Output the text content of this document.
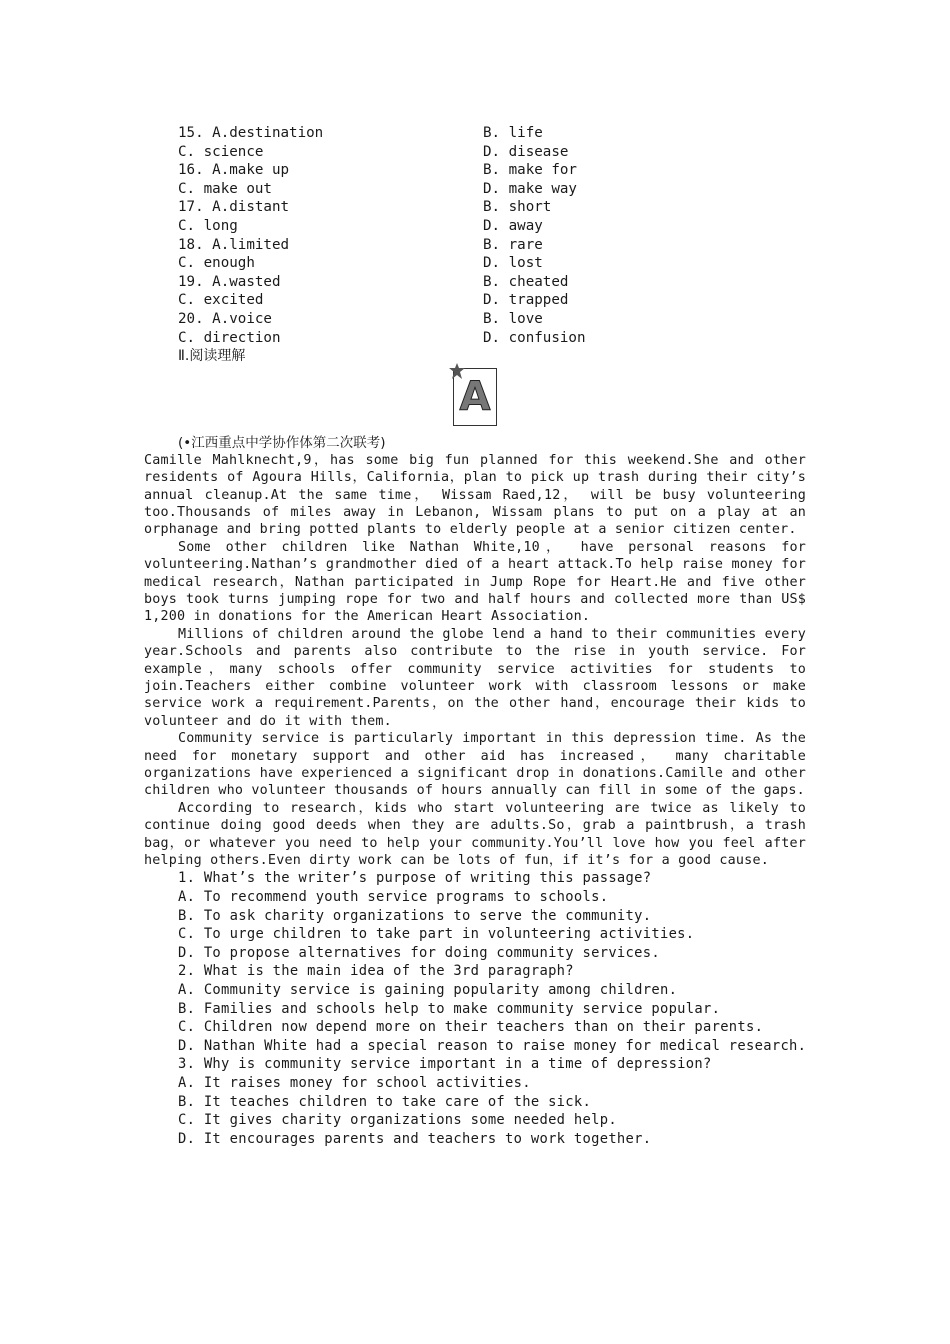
15. A.destination	B. life
C. science	D. disease
16. A.make up	B. make for
C. make out	D. make way
17. A.distant	B. short
C. long	D. away
18. A.limited	B. rare
C. enough	D. lost
19. A.wasted	B. cheated
C. excited	D. trapped
20. A.voice	B. love
C. direction	D. confusion
Ⅱ.阅读理解
A
(•江西重点中学协作体第二次联考)

Camille Mahlknecht,9，has some big fun planned for this weekend.She and other residents of Agoura Hills，California，plan to pick up trash during their city’s annual cleanup.At the same time， Wissam Raed,12， will be busy volunteering too.Thousands of miles away in Lebanon, Wissam plans to put on a play at an orphanage and bring potted plants to elderly people at a senior citizen center.

Some other children like Nathan White,10， have personal reasons for volunteering.Nathan’s grandmother died of a heart attack.To help raise money for medical research，Nathan participated in Jump Rope for Heart.He and five other boys took turns jumping rope for two and half hours and collected more than US$ 1,200 in donations for the American Heart Association.

Millions of children around the globe lend a hand to their communities every year.Schools and parents also contribute to the rise in youth service. For example，many schools offer community service activities for students to join.Teachers either combine volunteer work with classroom lessons or make service work a requirement.Parents，on the other hand，encourage their kids to volunteer and do it with them.

Community service is particularly important in this depression time. As the need for monetary support and other aid has increased， many charitable organizations have experienced a significant drop in donations.Camille and other children who volunteer thousands of hours annually can fill in some of the gaps.

According to research，kids who start volunteering are twice as likely to continue doing good deeds when they are adults.So，grab a paintbrush，a trash bag，or whatever you need to help your community.You’ll love how you feel after helping others.Even dirty work can be lots of fun，if it’s for a good cause.

1. What’s the writer’s purpose of writing this passage?
A. To recommend youth service programs to schools.
B. To ask charity organizations to serve the community.
C. To urge children to take part in volunteering activities.
D. To propose alternatives for doing community services.
2. What is the main idea of the 3rd paragraph?
A. Community service is gaining popularity among children.
B. Families and schools help to make community service popular.
C. Children now depend more on their teachers than on their parents.
D. Nathan White had a special reason to raise money for medical research.
3. Why is community service important in a time of depression?
A. It raises money for school activities.
B. It teaches children to take care of the sick.
C. It gives charity organizations some needed help.
D. It encourages parents and teachers to work together.
